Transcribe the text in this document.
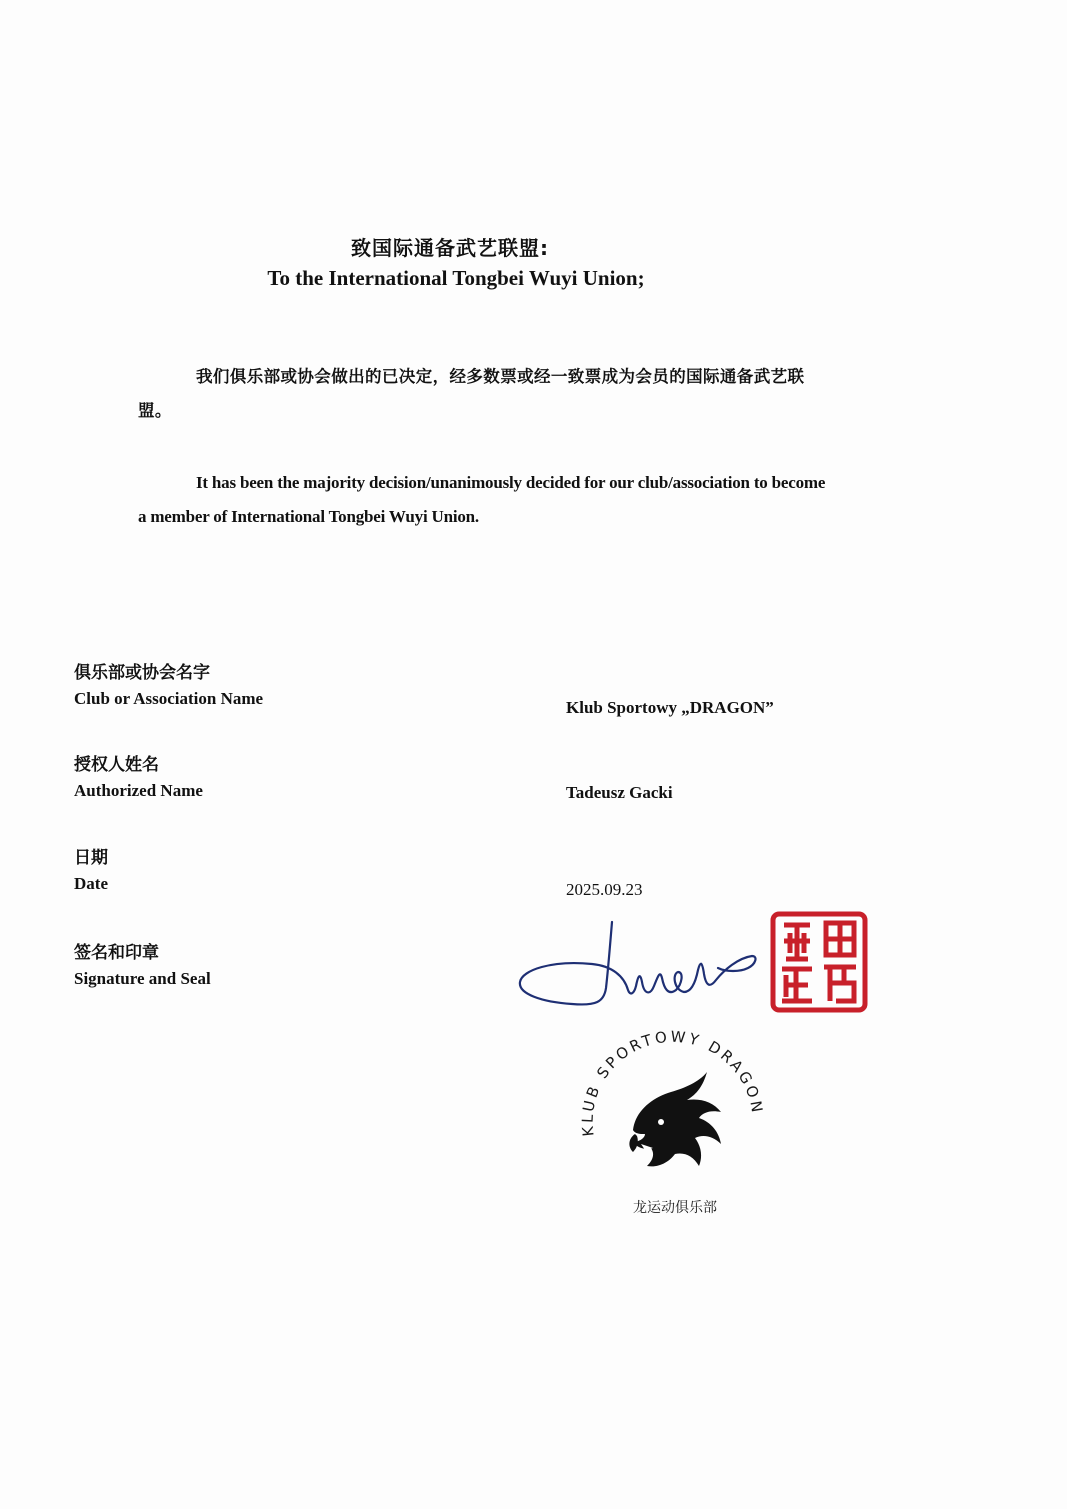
致国际通备武艺联盟:
To the International Tongbei Wuyi Union;
我们俱乐部或协会做出的已决定，经多数票或经一致票成为会员的国际通备武艺联盟。
It has been the majority decision/unanimously decided for our club/association to become a member of International Tongbei Wuyi Union.
俱乐部或协会名字
Club or Association Name	Klub Sportowy „DRAGON”
授权人姓名
Authorized Name	Tadeusz Gacki
日期
Date	2025.09.23
签名和印章
Signature and Seal
KLUB SPORTOWY DRAGON
龙运动俱乐部
